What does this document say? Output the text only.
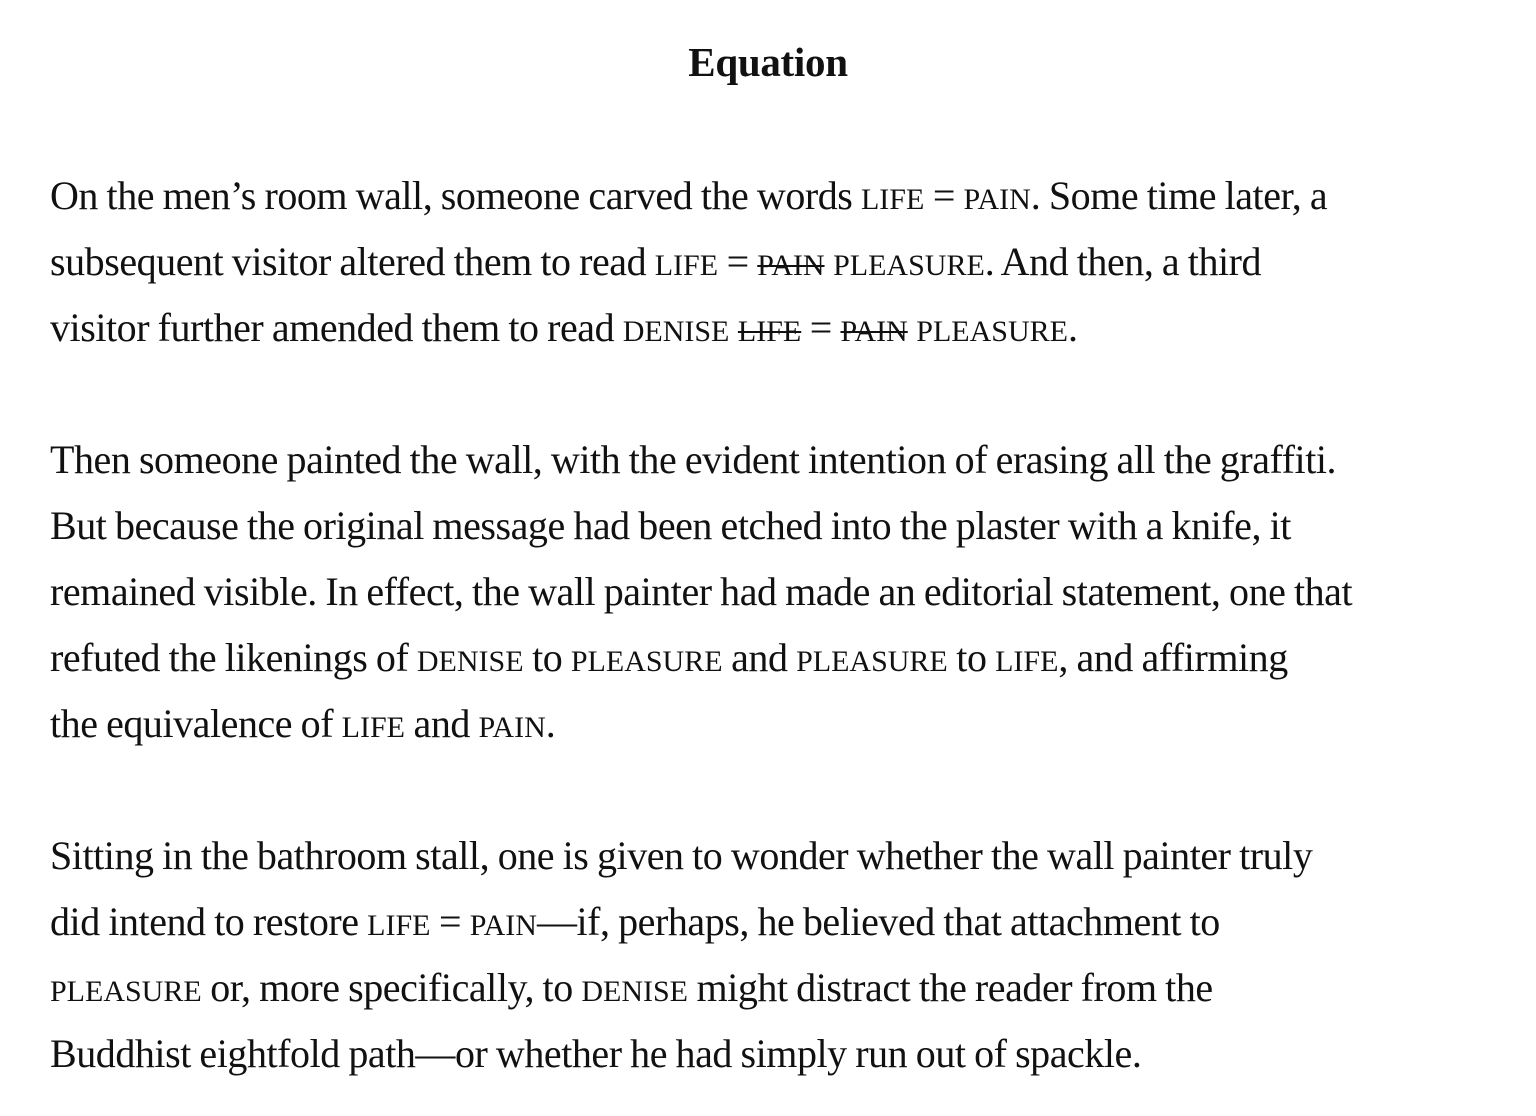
Equation
On the men’s room wall, someone carved the words LIFE = PAIN. Some time later, a
subsequent visitor altered them to read LIFE = PAIN PLEASURE. And then, a third
visitor further amended them to read DENISE LIFE = PAIN PLEASURE.
Then someone painted the wall, with the evident intention of erasing all the graffiti.
But because the original message had been etched into the plaster with a knife, it
remained visible. In effect, the wall painter had made an editorial statement, one that
refuted the likenings of DENISE to PLEASURE and PLEASURE to LIFE, and affirming
the equivalence of LIFE and PAIN.
Sitting in the bathroom stall, one is given to wonder whether the wall painter truly
did intend to restore LIFE = PAIN—if, perhaps, he believed that attachment to
PLEASURE or, more specifically, to DENISE might distract the reader from the
Buddhist eightfold path—or whether he had simply run out of spackle.
